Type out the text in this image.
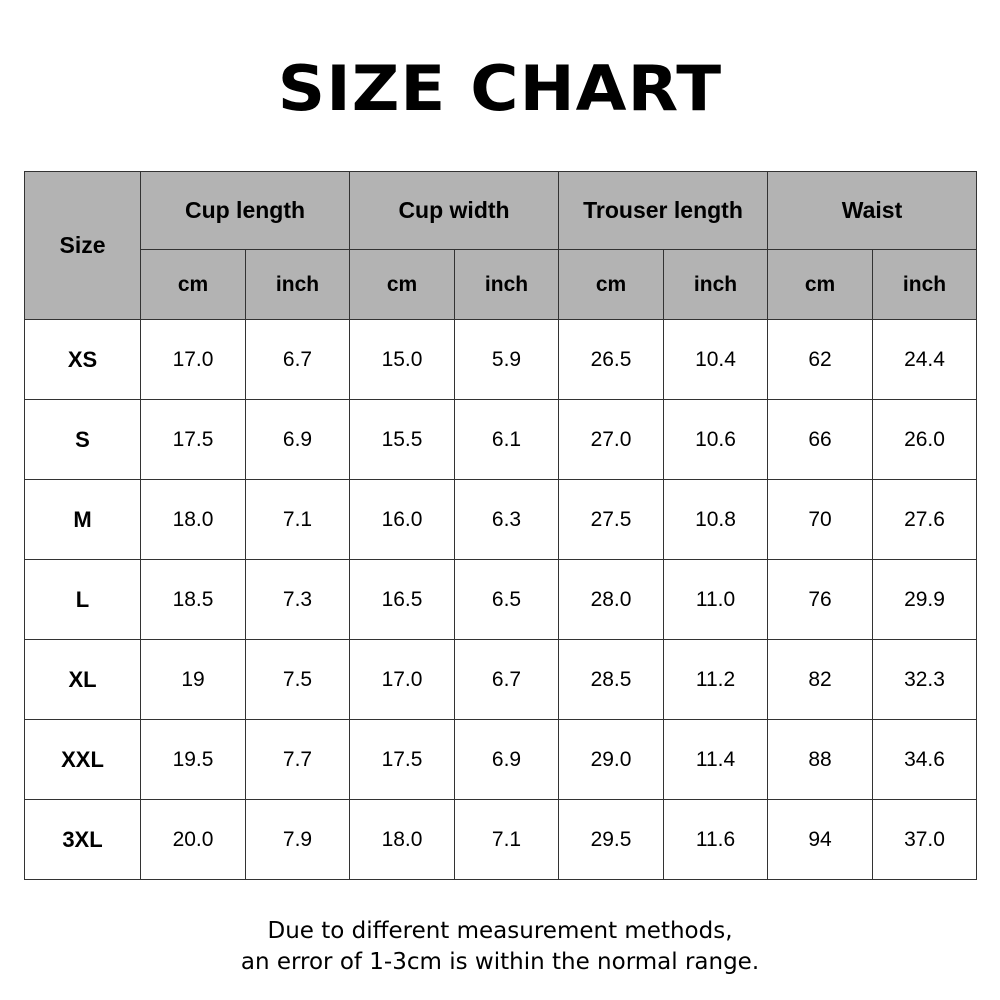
SIZE CHART
Size	Cup length		Cup width		Trouser length		Waist	
	cm	inch	cm	inch	cm	inch	cm	inch
XS	17.0	6.7	15.0	5.9	26.5	10.4	62	24.4
S	17.5	6.9	15.5	6.1	27.0	10.6	66	26.0
M	18.0	7.1	16.0	6.3	27.5	10.8	70	27.6
L	18.5	7.3	16.5	6.5	28.0	11.0	76	29.9
XL	19	7.5	17.0	6.7	28.5	11.2	82	32.3
XXL	19.5	7.7	17.5	6.9	29.0	11.4	88	34.6
3XL	20.0	7.9	18.0	7.1	29.5	11.6	94	37.0
Due to different measurement methods,
an error of 1-3cm is within the normal range.
